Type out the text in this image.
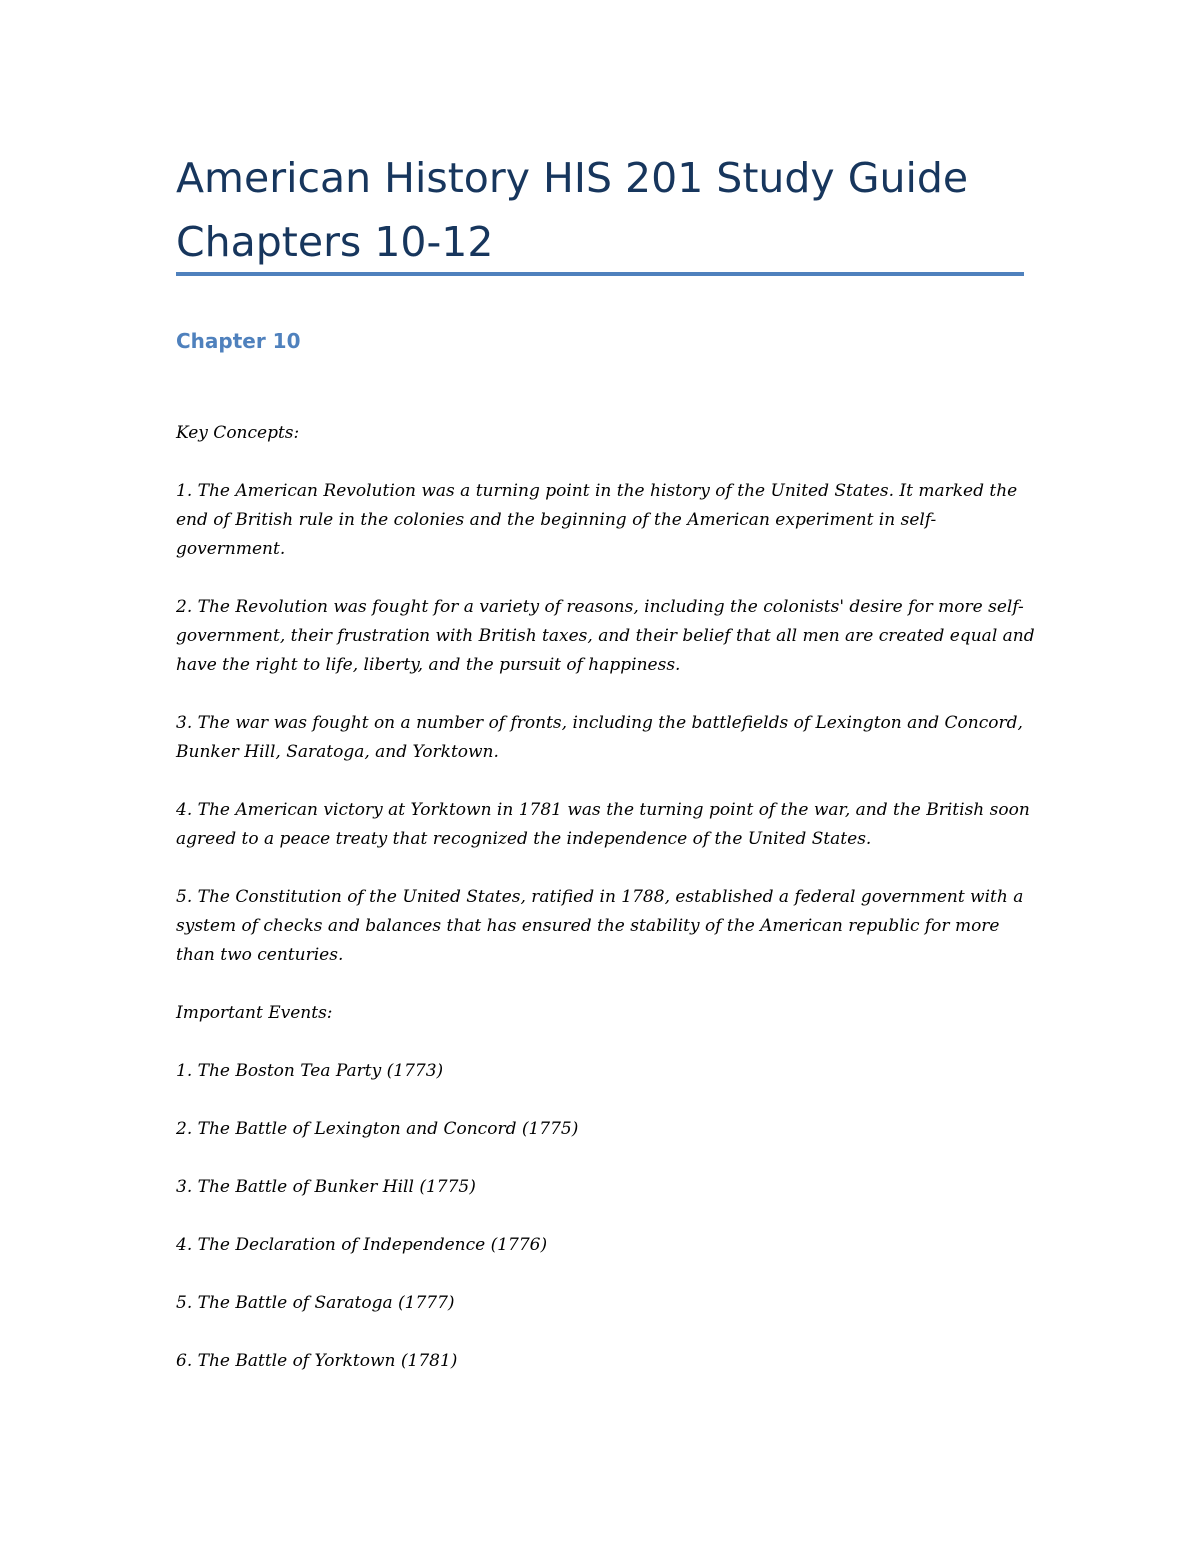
American History HIS 201 Study Guide
Chapters 10-12
Chapter 10

Key Concepts:

1. The American Revolution was a turning point in the history of the United States. It marked the end of British rule in the colonies and the beginning of the American experiment in self-government.

2. The Revolution was fought for a variety of reasons, including the colonists' desire for more self-government, their frustration with British taxes, and their belief that all men are created equal and have the right to life, liberty, and the pursuit of happiness.

3. The war was fought on a number of fronts, including the battlefields of Lexington and Concord, Bunker Hill, Saratoga, and Yorktown.

4. The American victory at Yorktown in 1781 was the turning point of the war, and the British soon agreed to a peace treaty that recognized the independence of the United States.

5. The Constitution of the United States, ratified in 1788, established a federal government with a system of checks and balances that has ensured the stability of the American republic for more than two centuries.

Important Events:

1. The Boston Tea Party (1773)

2. The Battle of Lexington and Concord (1775)

3. The Battle of Bunker Hill (1775)

4. The Declaration of Independence (1776)

5. The Battle of Saratoga (1777)

6. The Battle of Yorktown (1781)
